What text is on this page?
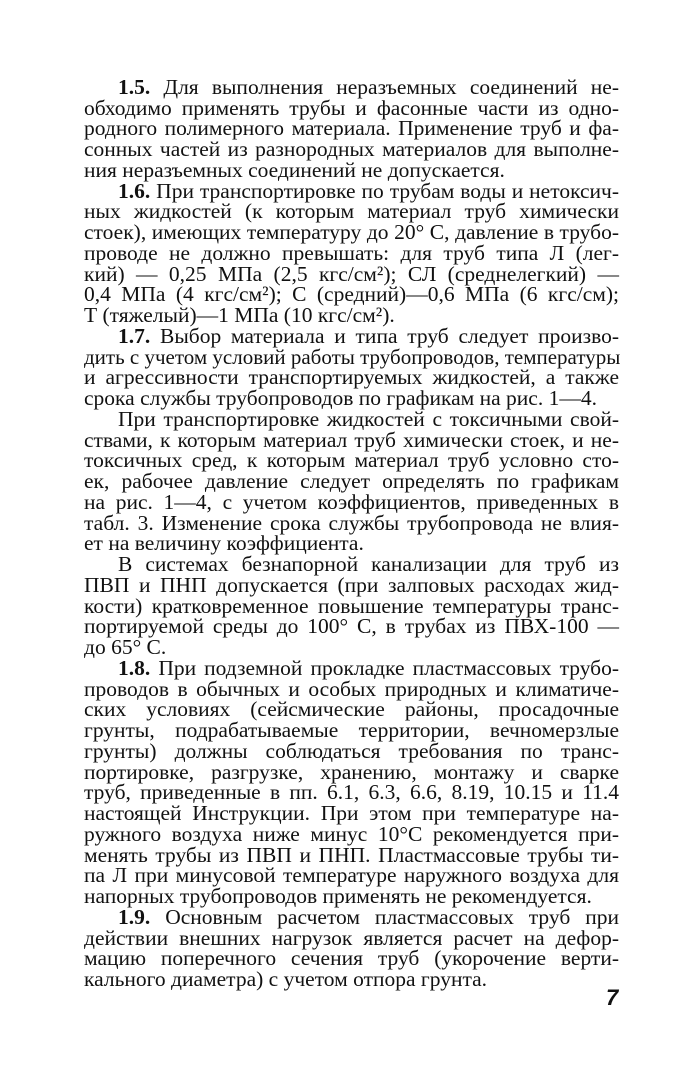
1.5. Для выполнения неразъемных соединений не-
обходимо применять трубы и фасонные части из одно-
родного полимерного материала. Применение труб и фа-
сонных частей из разнородных материалов для выполне-
ния неразъемных соединений не допускается.
1.6. При транспортировке по трубам воды и нетоксич-
ных жидкостей (к которым материал труб химически
стоек), имеющих температуру до 20° С, давление в трубо-
проводе не должно превышать: для труб типа Л (лег-
кий) — 0,25 МПа (2,5 кгс/см²); СЛ (среднелегкий) —
0,4 МПа (4 кгс/см²); С (средний)—0,6 МПа (6 кгс/см);
Т (тяжелый)—1 МПа (10 кгс/см²).
1.7. Выбор материала и типа труб следует произво-
дить с учетом условий работы трубопроводов, температуры
и агрессивности транспортируемых жидкостей, а также
срока службы трубопроводов по графикам на рис. 1—4.
При транспортировке жидкостей с токсичными свой-
ствами, к которым материал труб химически стоек, и не-
токсичных сред, к которым материал труб условно сто-
ек, рабочее давление следует определять по графикам
на рис. 1—4, с учетом коэффициентов, приведенных в
табл. 3. Изменение срока службы трубопровода не влия-
ет на величину коэффициента.
В системах безнапорной канализации для труб из
ПВП и ПНП допускается (при залповых расходах жид-
кости) кратковременное повышение температуры транс-
портируемой среды до 100° С, в трубах из ПВХ-100 —
до 65° С.
1.8. При подземной прокладке пластмассовых трубо-
проводов в обычных и особых природных и климатиче-
ских условиях (сейсмические районы, просадочные
грунты, подрабатываемые территории, вечномерзлые
грунты) должны соблюдаться требования по транс-
портировке, разгрузке, хранению, монтажу и сварке
труб, приведенные в пп. 6.1, 6.3, 6.6, 8.19, 10.15 и 11.4
настоящей Инструкции. При этом при температуре на-
ружного воздуха ниже минус 10°С рекомендуется при-
менять трубы из ПВП и ПНП. Пластмассовые трубы ти-
па Л при минусовой температуре наружного воздуха для
напорных трубопроводов применять не рекомендуется.
1.9. Основным расчетом пластмассовых труб при
действии внешних нагрузок является расчет на дефор-
мацию поперечного сечения труб (укорочение верти-
кального диаметра) с учетом отпора грунта.
7
